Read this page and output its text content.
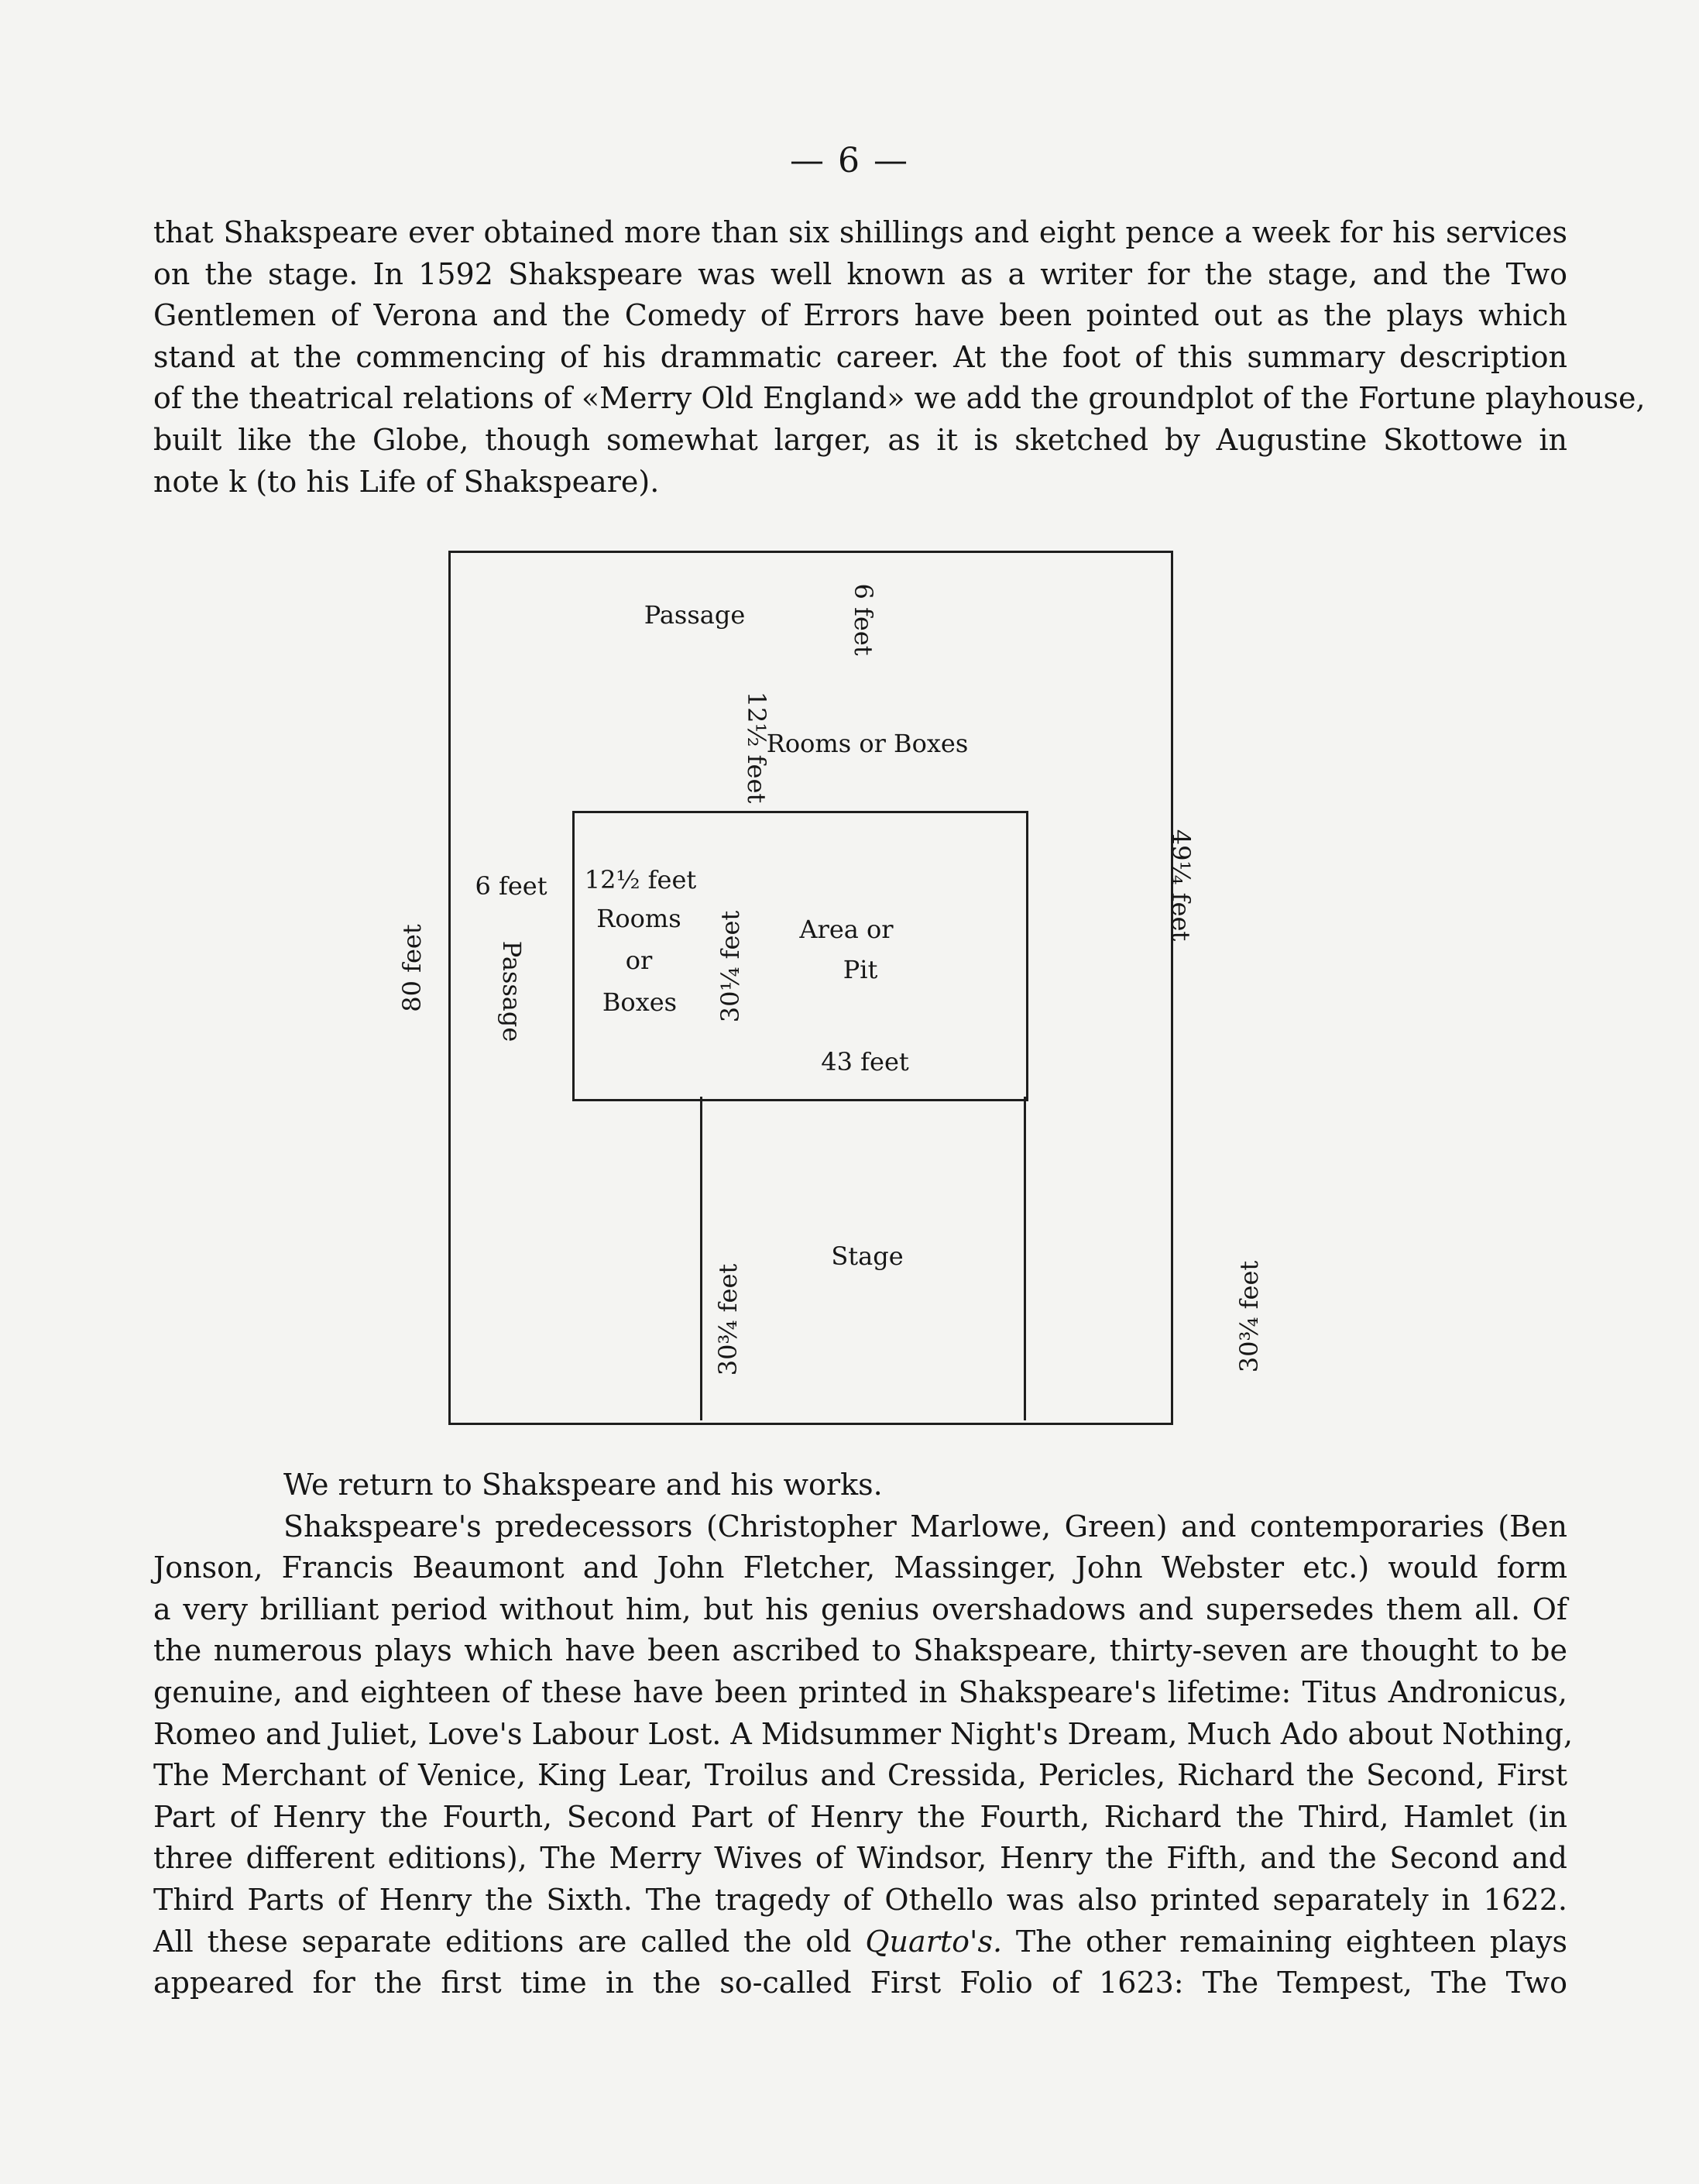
— 6 —
that Shakspeare ever obtained more than six shillings and eight pence a week for his services
on the stage. In 1592 Shakspeare was well known as a writer for the stage, and the Two
Gentlemen of Verona and the Comedy of Errors have been pointed out as the plays which
stand at the commencing of his drammatic career. At the foot of this summary description
of the theatrical relations of «Merry Old England» we add the groundplot of the Fortune playhouse,
built like the Globe, though somewhat larger, as it is sketched by Augustine Skottowe in
note k (to his Life of Shakspeare).
Passage	6 feet
12½ feet
Rooms or Boxes
49¼ feet
6 feet 12½ feet
Rooms
or
Boxes
80 feet	Passage	30¼ feet Area or
Pit
43 feet
Stage
30¾ feet	30¾ feet
We return to Shakspeare and his works.
Shakspeare's predecessors (Christopher Marlowe, Green) and contemporaries (Ben
Jonson, Francis Beaumont and John Fletcher, Massinger, John Webster etc.) would form
a very brilliant period without him, but his genius overshadows and supersedes them all. Of
the numerous plays which have been ascribed to Shakspeare, thirty-seven are thought to be
genuine, and eighteen of these have been printed in Shakspeare's lifetime: Titus Andronicus,
Romeo and Juliet, Love's Labour Lost. A Midsummer Night's Dream, Much Ado about Nothing,
The Merchant of Venice, King Lear, Troilus and Cressida, Pericles, Richard the Second, First
Part of Henry the Fourth, Second Part of Henry the Fourth, Richard the Third, Hamlet (in
three different editions), The Merry Wives of Windsor, Henry the Fifth, and the Second and
Third Parts of Henry the Sixth. The tragedy of Othello was also printed separately in 1622.
All these separate editions are called the old Quarto's. The other remaining eighteen plays
appeared for the first time in the so-called First Folio of 1623: The Tempest, The Two
